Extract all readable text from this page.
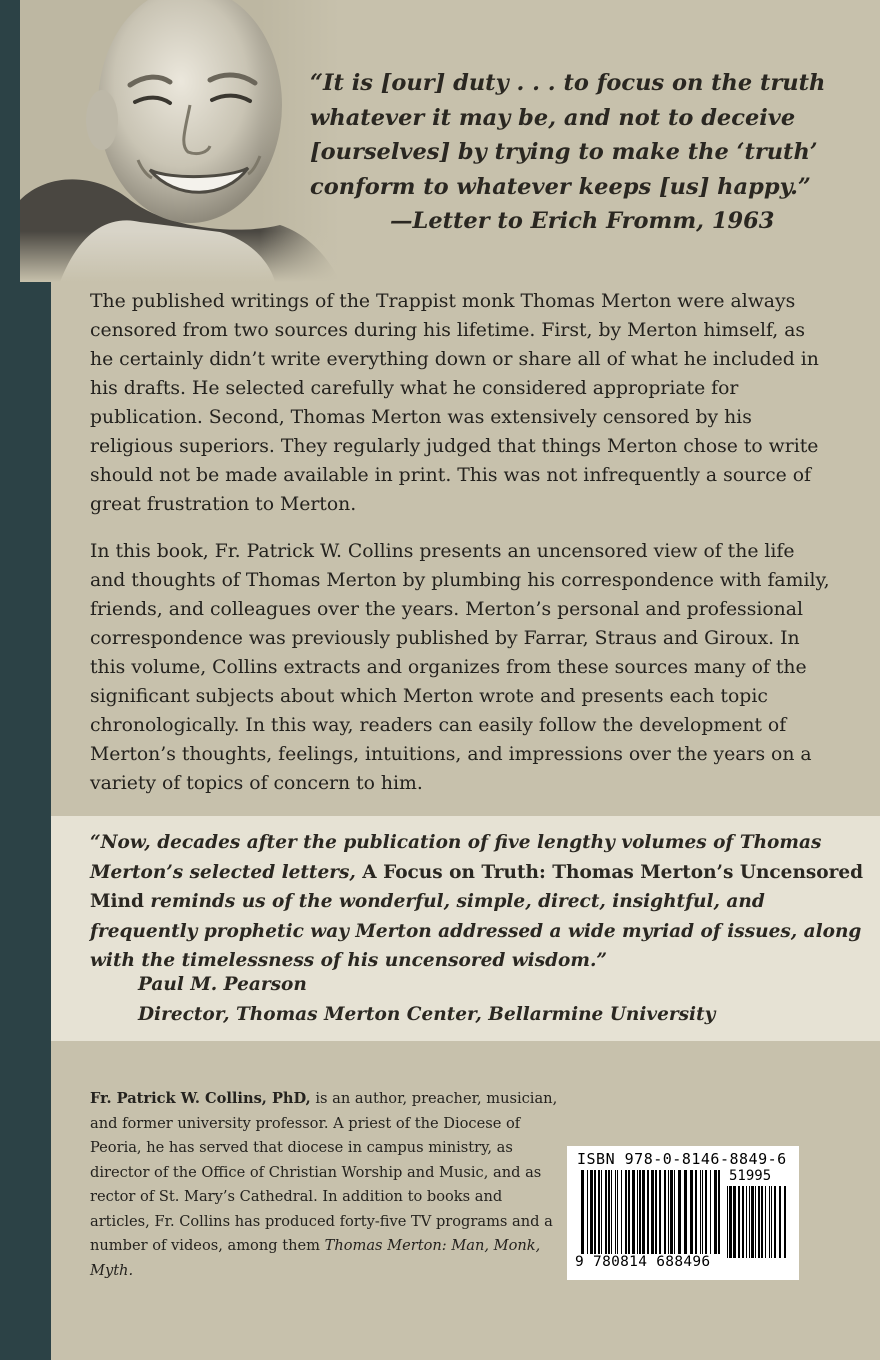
“It is [our] duty . . . to focus on the truth
whatever it may be, and not to deceive
[ourselves] by trying to make the ‘truth’
conform to whatever keeps [us] happy.”
—Letter to Erich Fromm, 1963

The published writings of the Trappist monk Thomas Merton were always censored from two sources during his lifetime. First, by Merton himself, as he certainly didn’t write everything down or share all of what he included in his drafts. He selected carefully what he considered appropriate for publication. Second, Thomas Merton was extensively censored by his religious superiors. They regularly judged that things Merton chose to write should not be made available in print. This was not infrequently a source of great frustration to Merton.

In this book, Fr. Patrick W. Collins presents an uncensored view of the life and thoughts of Thomas Merton by plumbing his correspondence with family, friends, and colleagues over the years. Merton’s personal and professional correspondence was previously published by Farrar, Straus and Giroux. In this volume, Collins extracts and organizes from these sources many of the significant subjects about which Merton wrote and presents each topic chronologically. In this way, readers can easily follow the development of Merton’s thoughts, feelings, intuitions, and impressions over the years on a variety of topics of concern to him.

“Now, decades after the publication of five lengthy volumes of Thomas Merton’s selected letters, A Focus on Truth: Thomas Merton’s Uncensored Mind reminds us of the wonderful, simple, direct, insightful, and frequently prophetic way Merton addressed a wide myriad of issues, along with the timelessness of his uncensored wisdom.”
Paul M. Pearson
Director, Thomas Merton Center, Bellarmine University
Fr. Patrick W. Collins, PhD, is an author, preacher, musician, and former university professor. A priest of the Diocese of Peoria, he has served that diocese in campus ministry, as director of the Office of Christian Worship and Music, and as rector of St. Mary’s Cathedral. In addition to books and articles, Fr. Collins has produced forty-five TV programs and a number of videos, among them Thomas Merton: Man, Monk, Myth.
ISBN 978-0-8146-8849-6
51995
9 780814 688496
